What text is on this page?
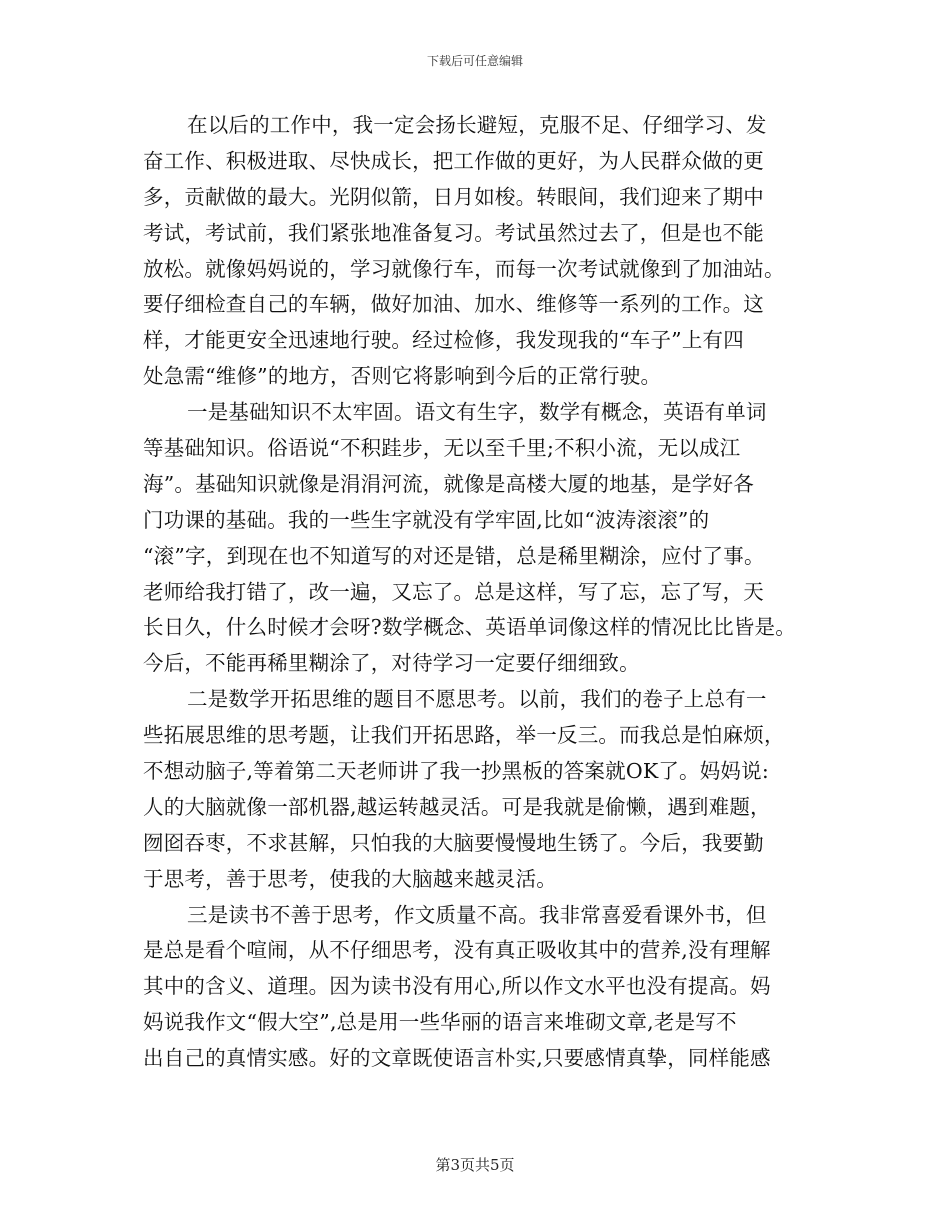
下载后可任意编辑
在以后的工作中，我一定会扬长避短，克服不足、仔细学习、发
奋工作、积极进取、尽快成长，把工作做的更好，为人民群众做的更
多，贡献做的最大。光阴似箭，日月如梭。转眼间，我们迎来了期中
考试，考试前，我们紧张地准备复习。考试虽然过去了，但是也不能
放松。就像妈妈说的，学习就像行车，而每一次考试就像到了加油站。
要仔细检查自己的车辆，做好加油、加水、维修等一系列的工作。这
样，才能更安全迅速地行驶。经过检修，我发现我的“车子”上有四
处急需“维修”的地方，否则它将影响到今后的正常行驶。
一是基础知识不太牢固。语文有生字，数学有概念，英语有单词
等基础知识。俗语说“不积跬步，无以至千里;不积小流，无以成江
海”。基础知识就像是涓涓河流，就像是高楼大厦的地基，是学好各
门功课的基础。我的一些生字就没有学牢固,比如“波涛滚滚”的
“滚”字，到现在也不知道写的对还是错，总是稀里糊涂，应付了事。
老师给我打错了，改一遍，又忘了。总是这样，写了忘，忘了写，天
长日久，什么时候才会呀?数学概念、英语单词像这样的情况比比皆是。
今后，不能再稀里糊涂了，对待学习一定要仔细细致。
二是数学开拓思维的题目不愿思考。以前，我们的卷子上总有一
些拓展思维的思考题，让我们开拓思路，举一反三。而我总是怕麻烦，
不想动脑子,等着第二天老师讲了我一抄黑板的答案就OK了。妈妈说:
人的大脑就像一部机器,越运转越灵活。可是我就是偷懒，遇到难题，
囫囵吞枣，不求甚解，只怕我的大脑要慢慢地生锈了。今后，我要勤
于思考，善于思考，使我的大脑越来越灵活。
三是读书不善于思考，作文质量不高。我非常喜爱看课外书，但
是总是看个喧闹，从不仔细思考，没有真正吸收其中的营养,没有理解
其中的含义、道理。因为读书没有用心,所以作文水平也没有提高。妈
妈说我作文“假大空”,总是用一些华丽的语言来堆砌文章,老是写不
出自己的真情实感。好的文章既使语言朴实,只要感情真挚，同样能感
第3页共5页
